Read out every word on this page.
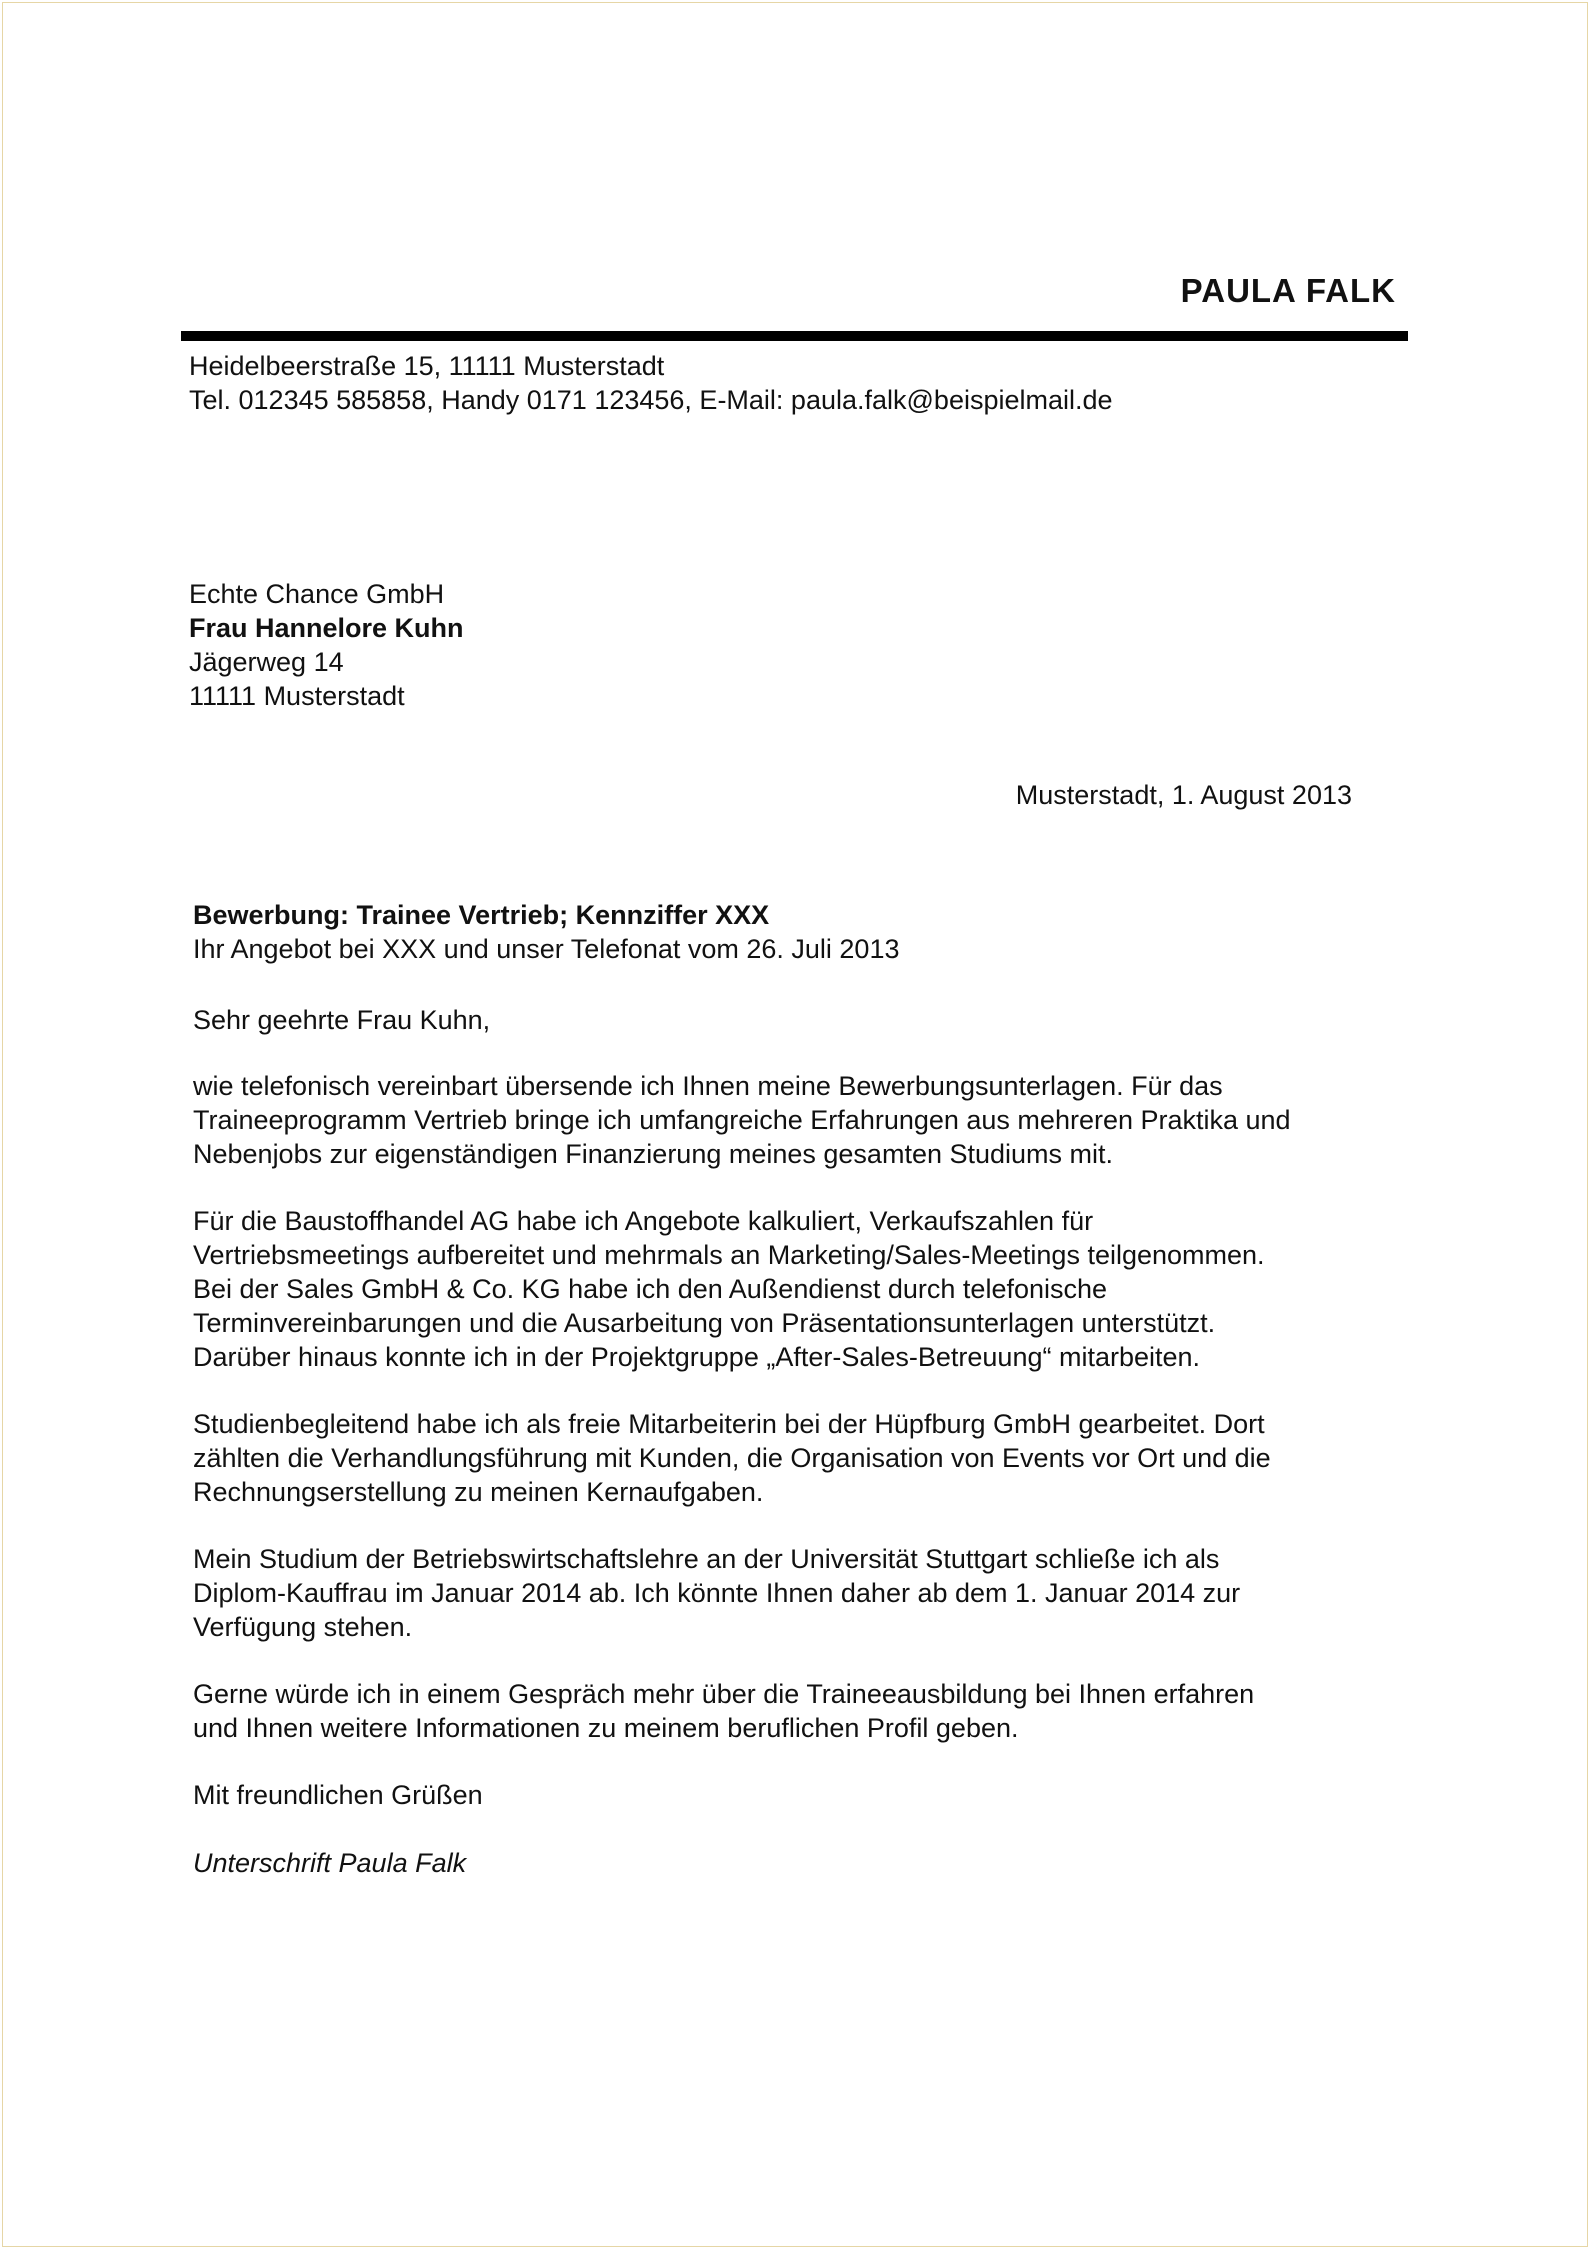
PAULA FALK
Heidelbeerstraße 15, 11111 Musterstadt
Tel. 012345 585858, Handy 0171 123456, E-Mail: paula.falk@beispielmail.de
Echte Chance GmbH
Frau Hannelore Kuhn
Jägerweg 14
11111 Musterstadt
Musterstadt, 1. August 2013
Bewerbung: Trainee Vertrieb; Kennziffer XXX
Ihr Angebot bei XXX und unser Telefonat vom 26. Juli 2013
Sehr geehrte Frau Kuhn,
wie telefonisch vereinbart übersende ich Ihnen meine Bewerbungsunterlagen. Für das
Traineeprogramm Vertrieb bringe ich umfangreiche Erfahrungen aus mehreren Praktika und
Nebenjobs zur eigenständigen Finanzierung meines gesamten Studiums mit.
Für die Baustoffhandel AG habe ich Angebote kalkuliert, Verkaufszahlen für
Vertriebsmeetings aufbereitet und mehrmals an Marketing/Sales-Meetings teilgenommen.
Bei der Sales GmbH & Co. KG habe ich den Außendienst durch telefonische
Terminvereinbarungen und die Ausarbeitung von Präsentationsunterlagen unterstützt.
Darüber hinaus konnte ich in der Projektgruppe „After-Sales-Betreuung“ mitarbeiten.
Studienbegleitend habe ich als freie Mitarbeiterin bei der Hüpfburg GmbH gearbeitet. Dort
zählten die Verhandlungsführung mit Kunden, die Organisation von Events vor Ort und die
Rechnungserstellung zu meinen Kernaufgaben.
Mein Studium der Betriebswirtschaftslehre an der Universität Stuttgart schließe ich als
Diplom-Kauffrau im Januar 2014 ab. Ich könnte Ihnen daher ab dem 1. Januar 2014 zur
Verfügung stehen.
Gerne würde ich in einem Gespräch mehr über die Traineeausbildung bei Ihnen erfahren
und Ihnen weitere Informationen zu meinem beruflichen Profil geben.
Mit freundlichen Grüßen
Unterschrift Paula Falk
